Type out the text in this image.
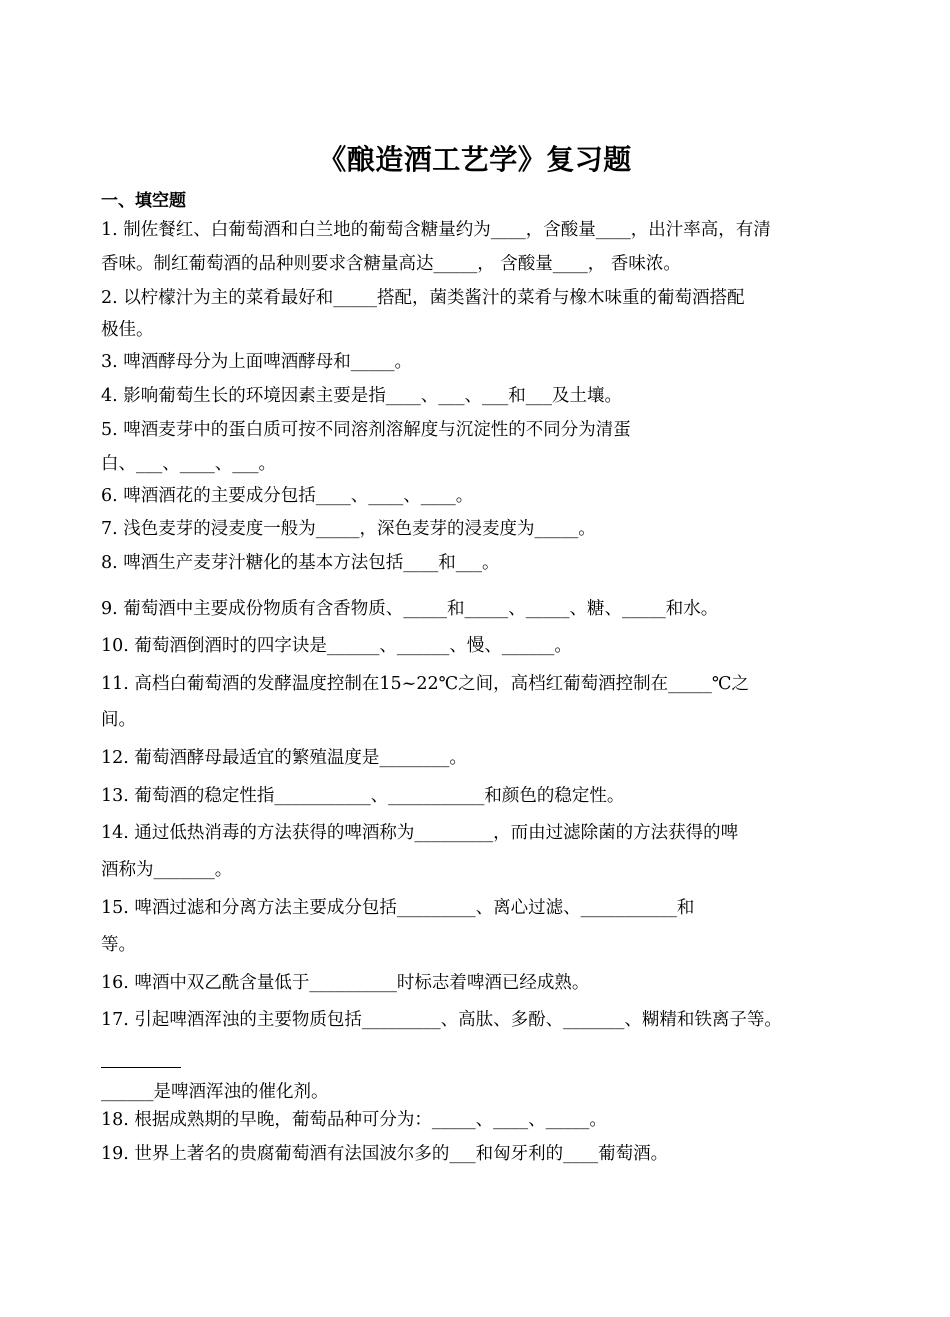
《酿造酒工艺学》复习题
一、填空题
1. 制佐餐红、白葡萄酒和白兰地的葡萄含糖量约为____，含酸量____，出汁率高，有清
香味。制红葡萄酒的品种则要求含糖量高达_____， 含酸量____， 香味浓。
2. 以柠檬汁为主的菜肴最好和_____搭配，菌类酱汁的菜肴与橡木味重的葡萄酒搭配
极佳。
3. 啤酒酵母分为上面啤酒酵母和_____。
4. 影响葡萄生长的环境因素主要是指____、___、___和___及土壤。
5. 啤酒麦芽中的蛋白质可按不同溶剂溶解度与沉淀性的不同分为清蛋
白、___、____、___。
6. 啤酒酒花的主要成分包括____、____、____。
7. 浅色麦芽的浸麦度一般为_____，深色麦芽的浸麦度为_____。
8. 啤酒生产麦芽汁糖化的基本方法包括____和___。
9. 葡萄酒中主要成份物质有含香物质、_____和_____、_____、糖、_____和水。
10. 葡萄酒倒酒时的四字诀是______、______、慢、______。
11. 高档白葡萄酒的发酵温度控制在15~22℃之间，高档红葡萄酒控制在_____℃之
间。
12. 葡萄酒酵母最适宜的繁殖温度是________。
13. 葡萄酒的稳定性指___________、___________和颜色的稳定性。
14. 通过低热消毒的方法获得的啤酒称为_________，而由过滤除菌的方法获得的啤
酒称为_______。
15. 啤酒过滤和分离方法主要成分包括_________、离心过滤、___________和
等。
16. 啤酒中双乙酰含量低于__________时标志着啤酒已经成熟。
17. 引起啤酒浑浊的主要物质包括_________、高肽、多酚、_______、糊精和铁离子等。
______是啤酒浑浊的催化剂。
18. 根据成熟期的早晚，葡萄品种可分为：_____、____、_____。
19. 世界上著名的贵腐葡萄酒有法国波尔多的___和匈牙利的____葡萄酒。
